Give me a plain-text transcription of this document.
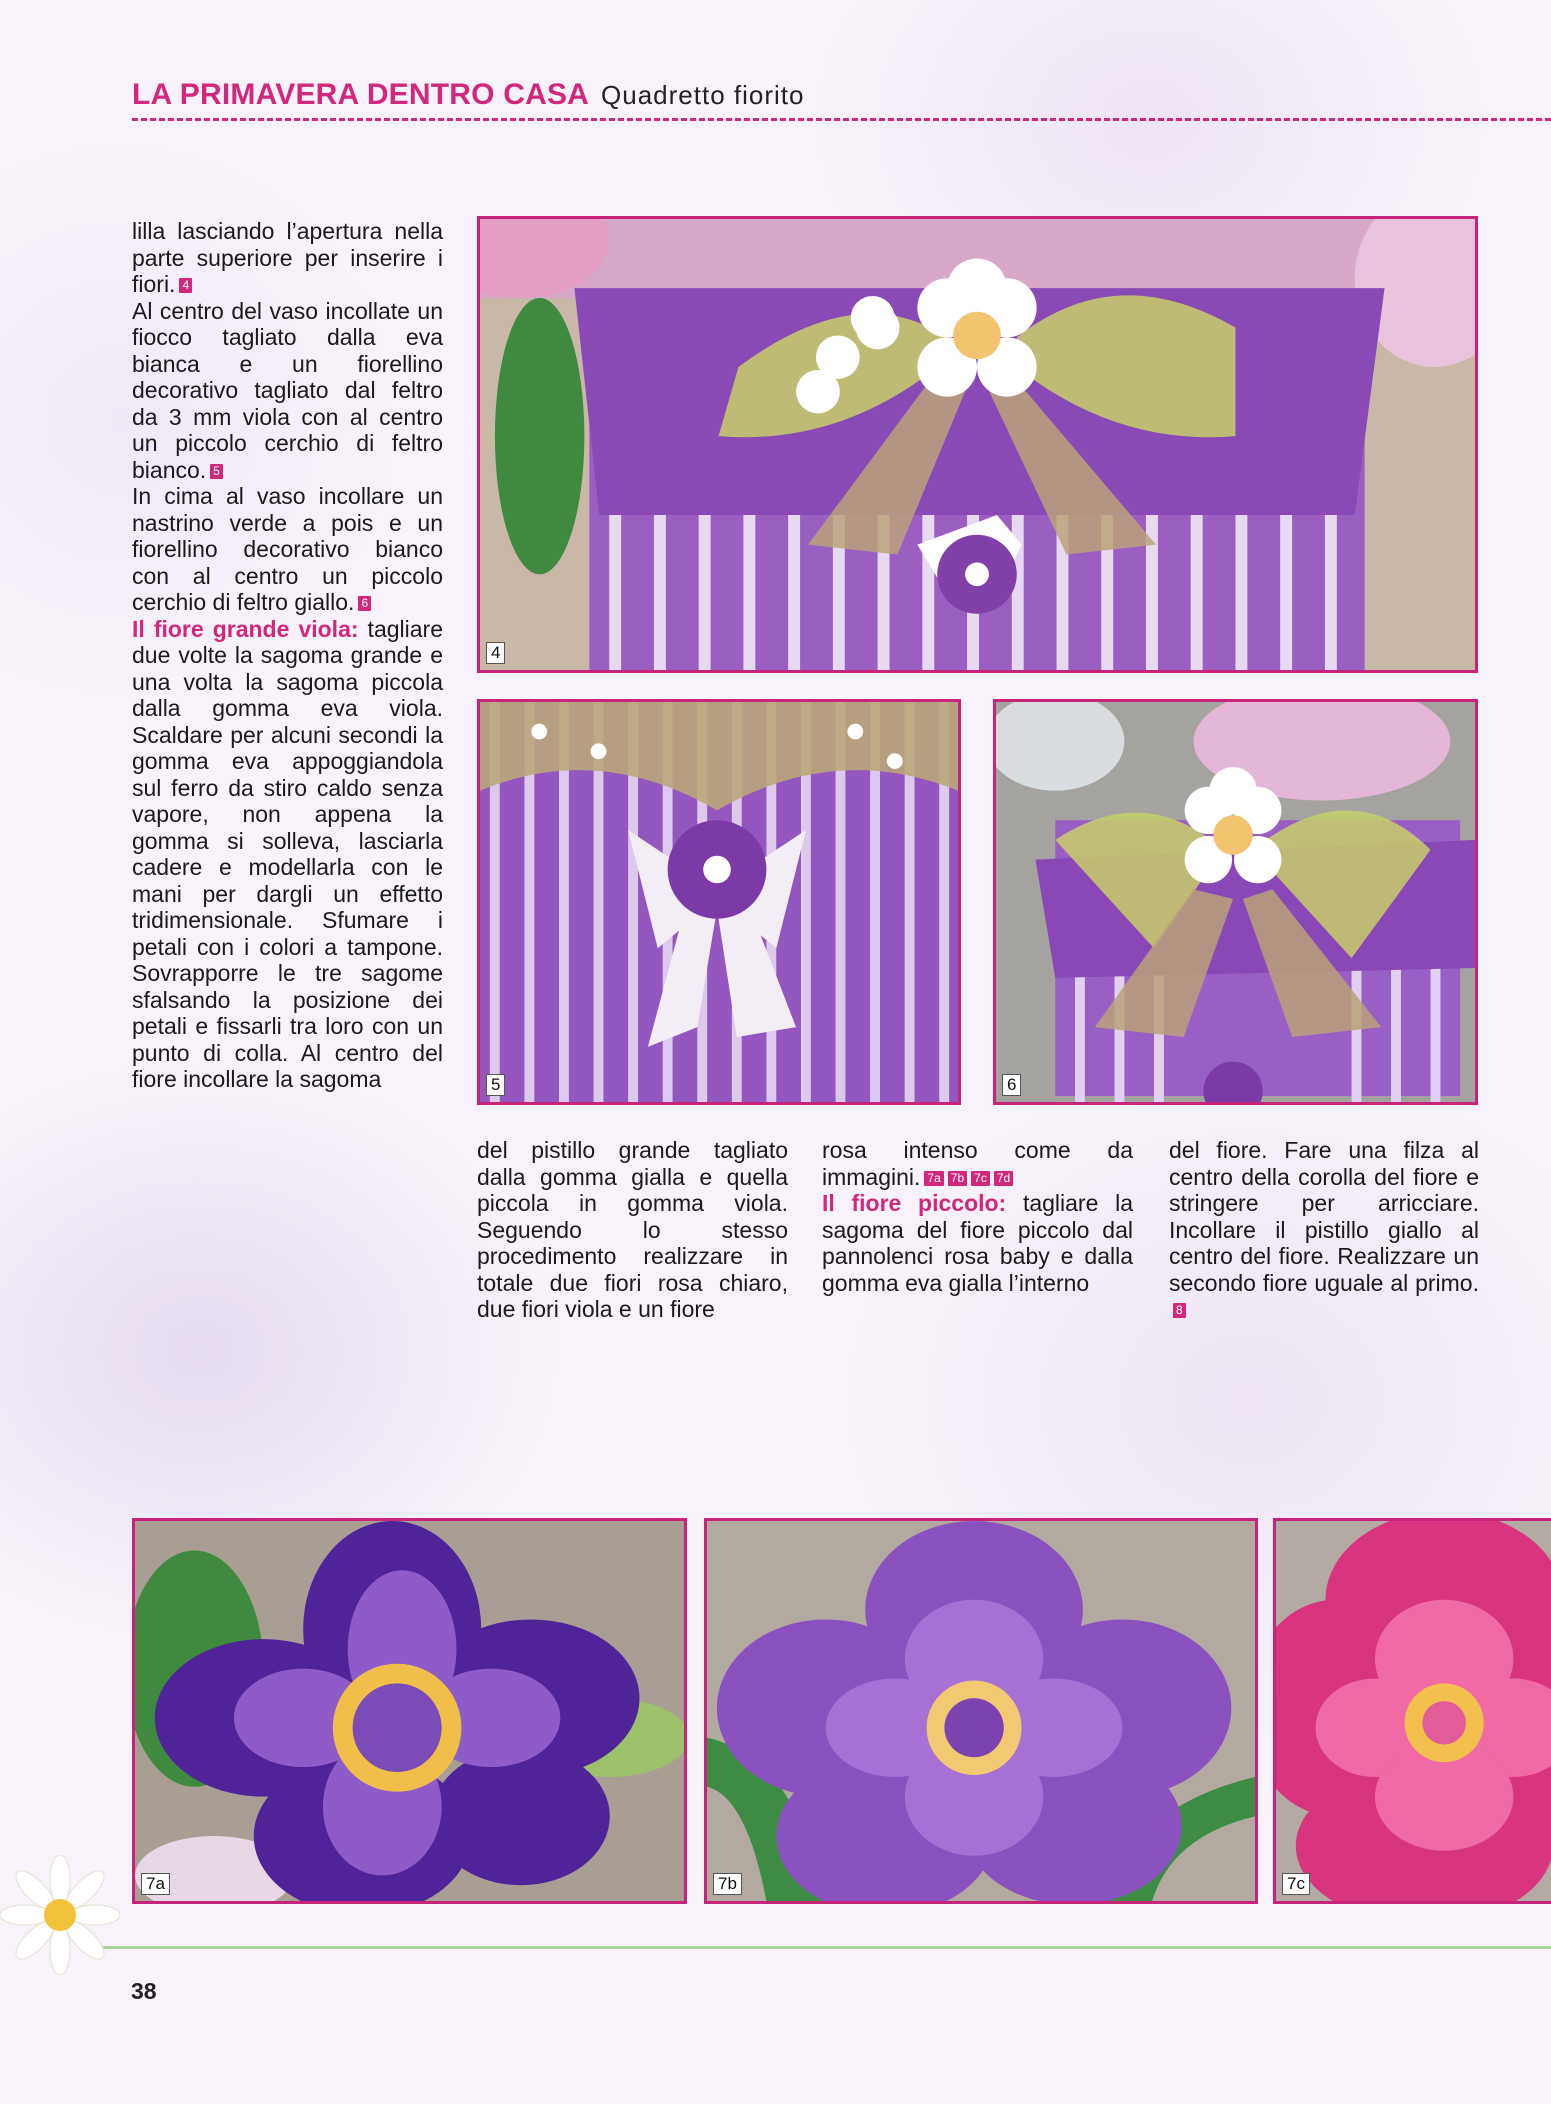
LA PRIMAVERA DENTRO CASA Quadretto fiorito

lilla lasciando l’apertura nella parte superiore per inserire i fiori. 4

Al centro del vaso incollate un fiocco tagliato dalla eva bianca e un fiorellino decorativo tagliato dal feltro da 3 mm viola con al centro un piccolo cerchio di feltro bianco. 5

In cima al vaso incollare un nastrino verde a pois e un fiorellino decorativo bianco con al centro un piccolo cerchio di feltro giallo. 6

Il fiore grande viola: tagliare due volte la sagoma grande e una volta la sagoma piccola dalla gomma eva viola. Scaldare per alcuni secondi la gomma eva appoggiandola sul ferro da stiro caldo senza vapore, non appena la gomma si solleva, lasciarla cadere e modellarla con le mani per dargli un effetto tridimensionale. Sfumare i petali con i colori a tampone. Sovrapporre le tre sagome sfalsando la posizione dei petali e fissarli tra loro con un punto di colla. Al centro del fiore incollare la sagoma

del pistillo grande tagliato dalla gomma gialla e quella piccola in gomma viola. Seguendo lo stesso procedimento realizzare in totale due fiori rosa chiaro, due fiori viola e un fiore

rosa intenso come da immagini. 7a 7b 7c 7d

Il fiore piccolo: tagliare la sagoma del fiore piccolo dal pannolenci rosa baby e dalla gomma eva gialla l’interno

del fiore. Fare una filza al centro della corolla del fiore e stringere per arricciare. Incollare il pistillo giallo al centro del fiore. Realizzare un secondo fiore uguale al primo.8

4
5	6
7a	7b	7c
38
